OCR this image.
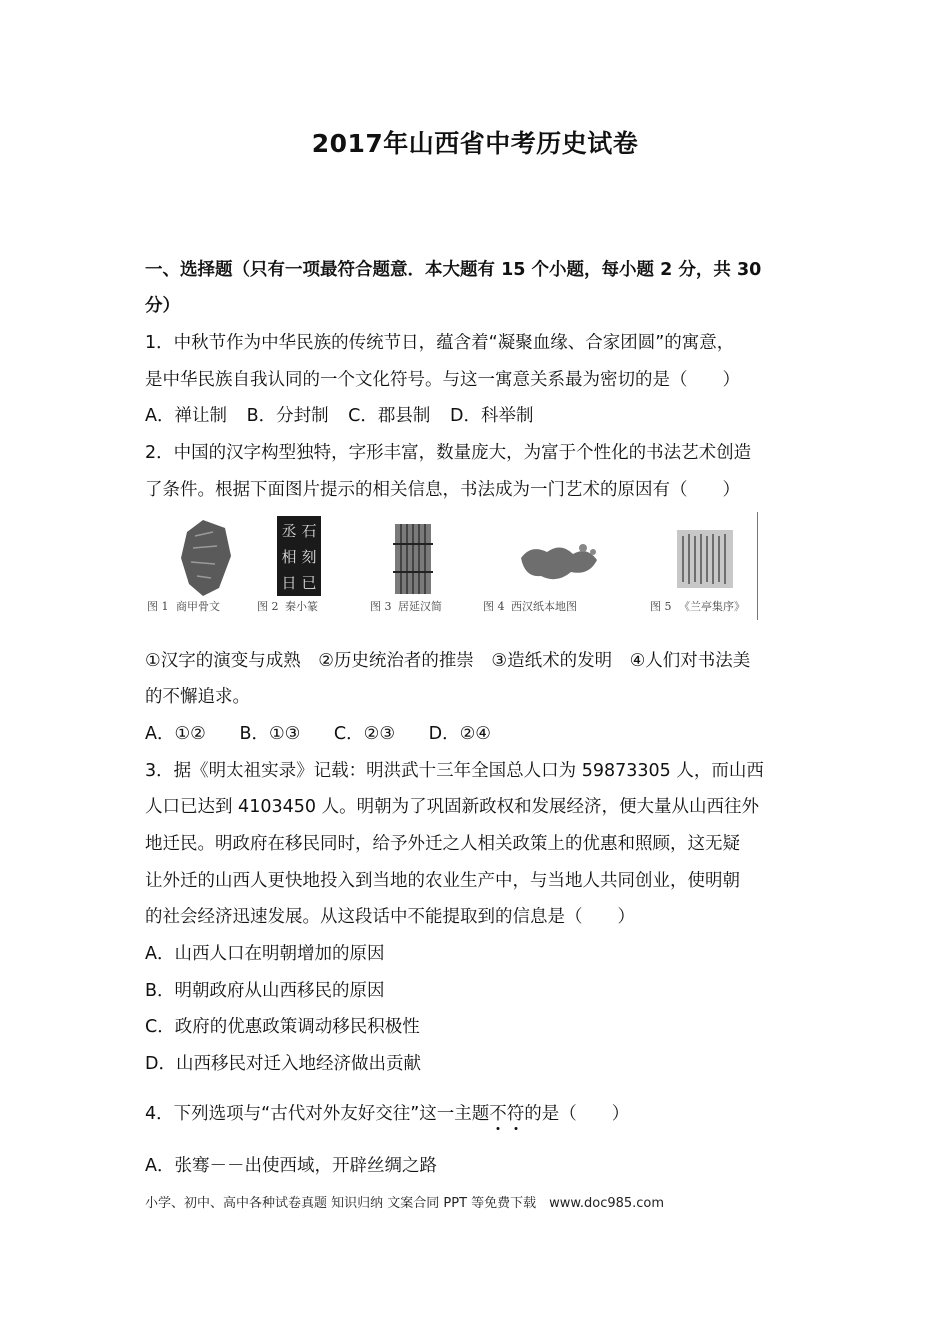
2017年山西省中考历史试卷
一、选择题（只有一项最符合题意．本大题有 15 个小题，每小题 2 分，共 30
分）
1．中秋节作为中华民族的传统节日，蕴含着“凝聚血缘、合家团圆”的寓意，
是中华民族自我认同的一个文化符号。与这一寓意关系最为密切的是（　　）
A．禅让制 B．分封制 C．郡县制 D．科举制
2．中国的汉字构型独特，字形丰富，数量庞大，为富于个性化的书法艺术创造
了条件。根据下面图片提示的相关信息，书法成为一门艺术的原因有（　　）
图 1 商甲骨文
丞 石
相 刻
日 已
图 2 秦小篆	图 3 居延汉简	图 4 西汉纸本地图	图 5 《兰亭集序》
①汉字的演变与成熟　②历史统治者的推崇　③造纸术的发明　④人们对书法美
的不懈追求。
A．①② B．①③ C．②③ D．②④
3．据《明太祖实录》记载：明洪武十三年全国总人口为 59873305 人，而山西
人口已达到 4103450 人。明朝为了巩固新政权和发展经济，便大量从山西往外
地迁民。明政府在移民同时，给予外迁之人相关政策上的优惠和照顾，这无疑
让外迁的山西人更快地投入到当地的农业生产中，与当地人共同创业，使明朝
的社会经济迅速发展。从这段话中不能提取到的信息是（　　）
A．山西人口在明朝增加的原因
B．明朝政府从山西移民的原因
C．政府的优惠政策调动移民积极性
D．山西移民对迁入地经济做出贡献
4．下列选项与“古代对外友好交往”这一主题不符的是（　　）
A．张骞－－出使西域，开辟丝绸之路
小学、初中、高中各种试卷真题 知识归纳 文案合同 PPT 等免费下载　www.doc985.com
